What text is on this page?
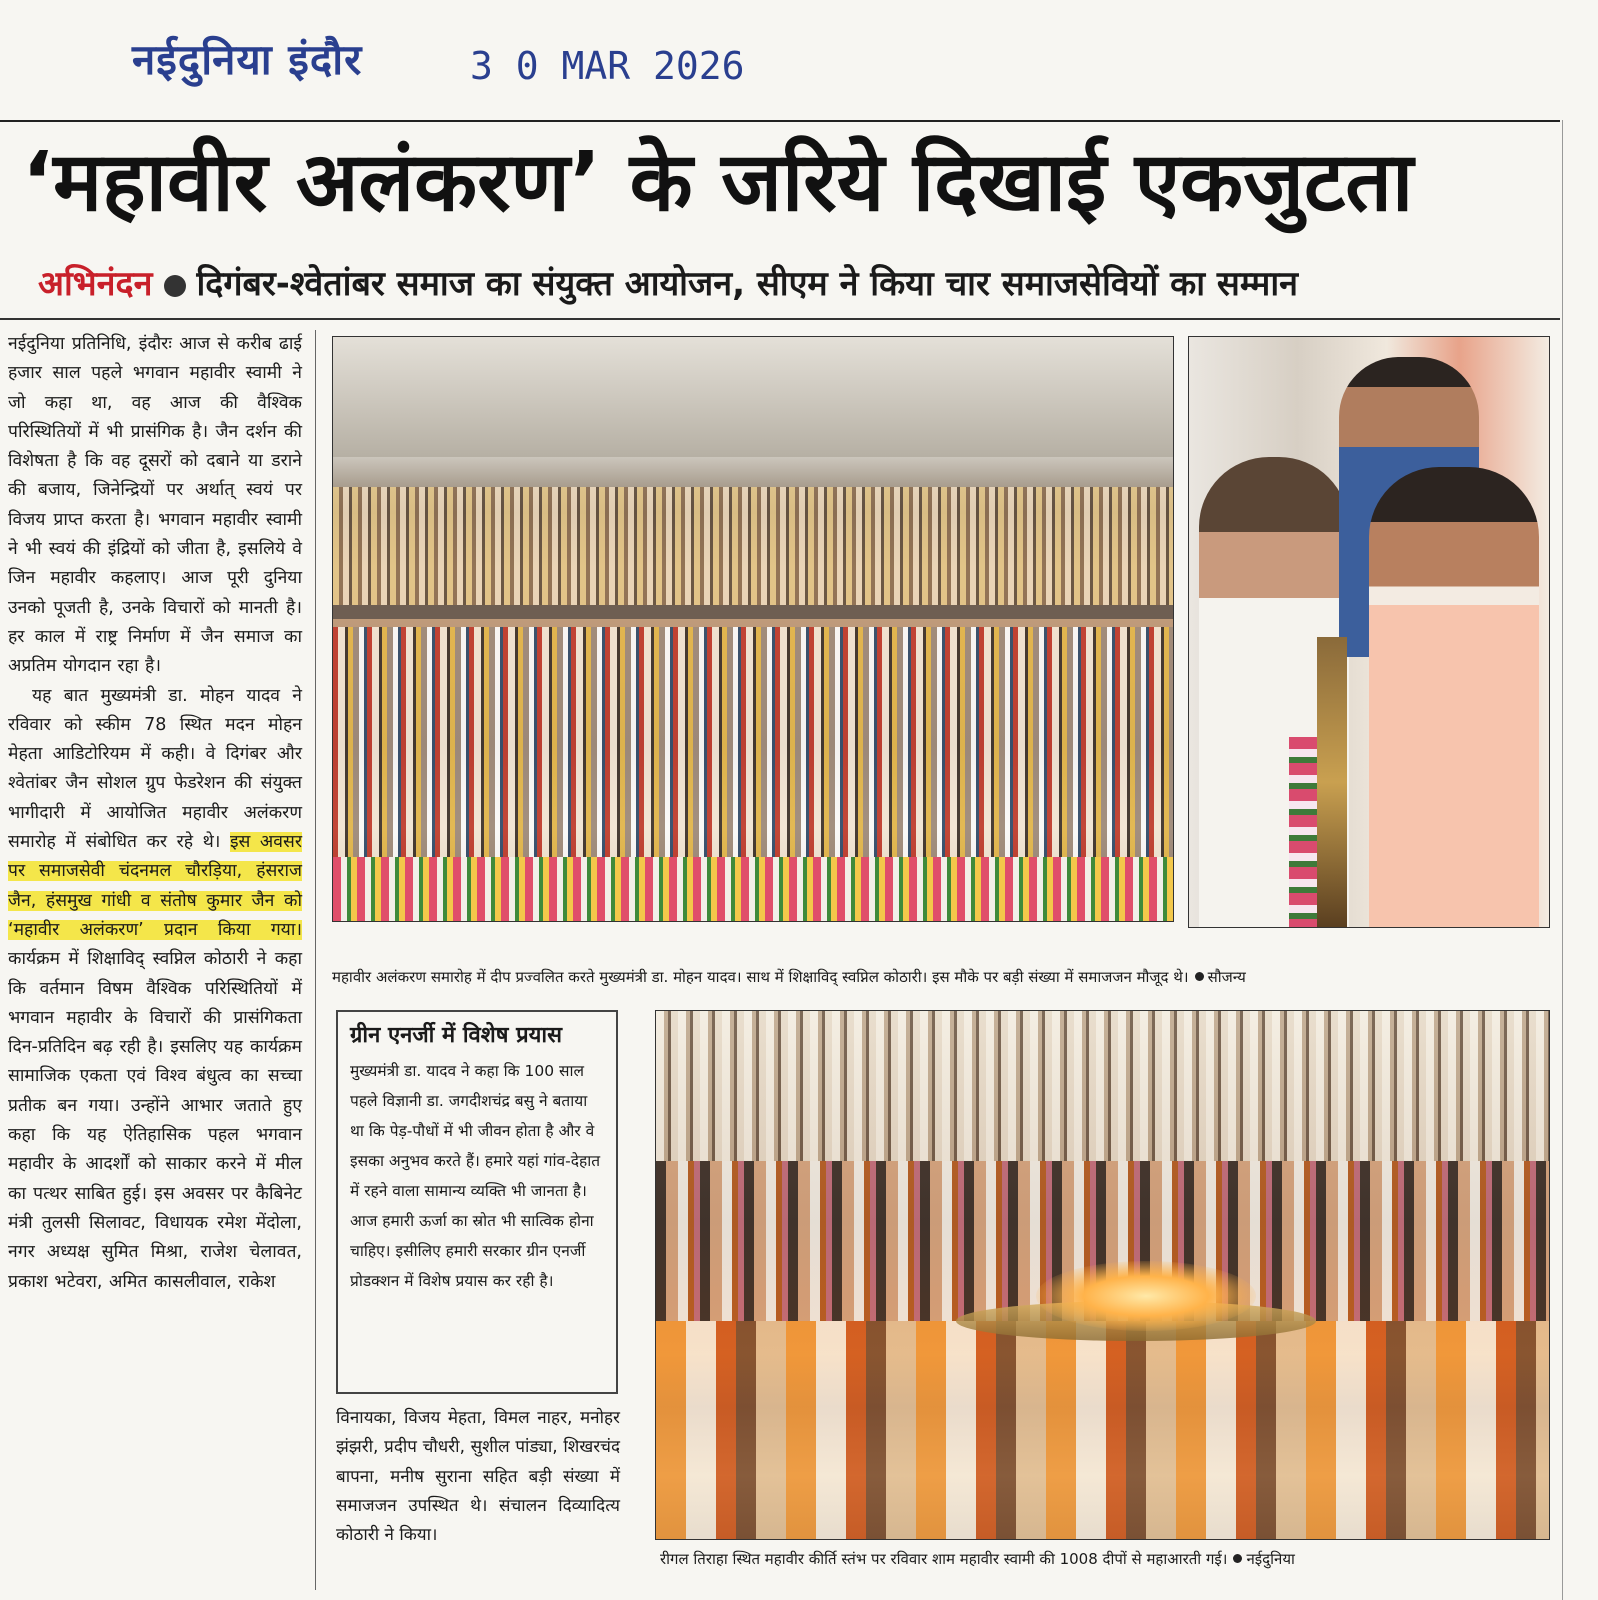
नईदुनिया इंदौर	3 0 MAR 2026
‘महावीर अलंकरण’ के जरिये दिखाई एकजुटता
अभिनंदन दिगंबर-श्वेतांबर समाज का संयुक्त आयोजन, सीएम ने किया चार समाजसेवियों का सम्मान

नईदुनिया प्रतिनिधि, इंदौरः आज से करीब ढाई हजार साल पहले भगवान महावीर स्वामी ने जो कहा था, वह आज की वैश्विक परिस्थितियों में भी प्रासंगिक है। जैन दर्शन की विशेषता है कि वह दूसरों को दबाने या डराने की बजाय, जिनेन्द्रियों पर अर्थात् स्वयं पर विजय प्राप्त करता है। भगवान महावीर स्वामी ने भी स्वयं की इंद्रियों को जीता है, इसलिये वे जिन महावीर कहलाए। आज पूरी दुनिया उनको पूजती है, उनके विचारों को मानती है। हर काल में राष्ट्र निर्माण में जैन समाज का अप्रतिम योगदान रहा है।

यह बात मुख्यमंत्री डा. मोहन यादव ने रविवार को स्कीम 78 स्थित मदन मोहन मेहता आडिटोरियम में कही। वे दिगंबर और श्वेतांबर जैन सोशल ग्रुप फेडरेशन की संयुक्त भागीदारी में आयोजित महावीर अलंकरण समारोह में संबोधित कर रहे थे। इस अवसर पर समाजसेवी चंदनमल चौरड़िया, हंसराज जैन, हंसमुख गांधी व संतोष कुमार जैन को ‘महावीर अलंकरण’ प्रदान किया गया। कार्यक्रम में शिक्षाविद् स्वप्निल कोठारी ने कहा कि वर्तमान विषम वैश्विक परिस्थितियों में भगवान महावीर के विचारों की प्रासंगिकता दिन-प्रतिदिन बढ़ रही है। इसलिए यह कार्यक्रम सामाजिक एकता एवं विश्व बंधुत्व का सच्चा प्रतीक बन गया। उन्होंने आभार जताते हुए कहा कि यह ऐतिहासिक पहल भगवान महावीर के आदर्शों को साकार करने में मील का पत्थर साबित हुई। इस अवसर पर कैबिनेट मंत्री तुलसी सिलावट, विधायक रमेश मेंदोला, नगर अध्यक्ष सुमित मिश्रा, राजेश चेलावत, प्रकाश भटेवरा, अमित कासलीवाल, राकेश

महावीर अलंकरण समारोह में दीप प्रज्वलित करते मुख्यमंत्री डा. मोहन यादव। साथ में शिक्षाविद् स्वप्निल कोठारी। इस मौके पर बड़ी संख्या में समाजजन मौजूद थे। सौजन्य
ग्रीन एनर्जी में विशेष प्रयास
मुख्यमंत्री डा. यादव ने कहा कि 100 साल पहले विज्ञानी डा. जगदीशचंद्र बसु ने बताया था कि पेड़-पौधों में भी जीवन होता है और वे इसका अनुभव करते हैं। हमारे यहां गांव-देहात में रहने वाला सामान्य व्यक्ति भी जानता है। आज हमारी ऊर्जा का स्रोत भी सात्विक होना चाहिए। इसीलिए हमारी सरकार ग्रीन एनर्जी प्रोडक्शन में विशेष प्रयास कर रही है।

विनायका, विजय मेहता, विमल नाहर, मनोहर झंझरी, प्रदीप चौधरी, सुशील पांड्या, शिखरचंद बापना, मनीष सुराना सहित बड़ी संख्या में समाजजन उपस्थित थे। संचालन दिव्यादित्य कोठारी ने किया।

रीगल तिराहा स्थित महावीर कीर्ति स्तंभ पर रविवार शाम महावीर स्वामी की 1008 दीपों से महाआरती गई। नईदुनिया
